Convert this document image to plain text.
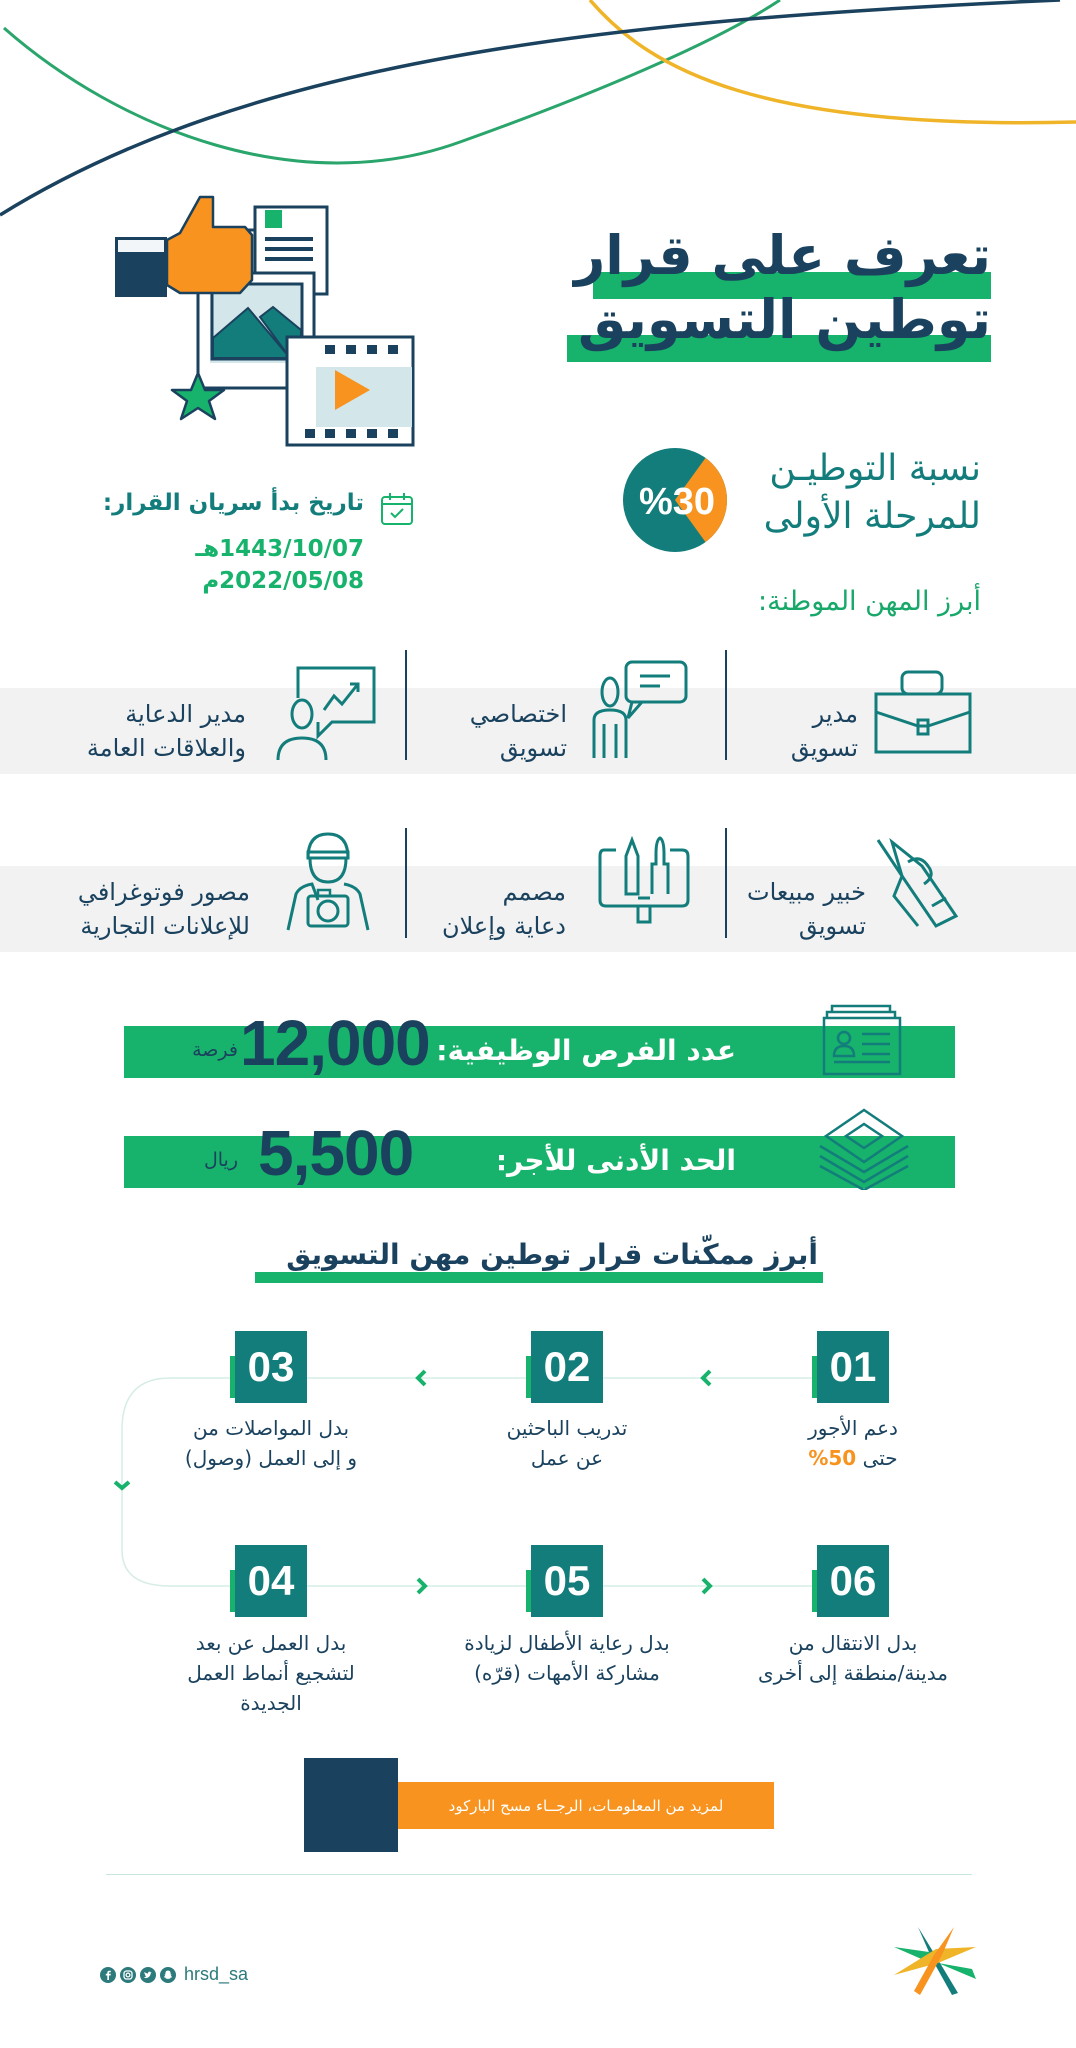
تعرف على قرار
توطين التسويق
%30
نسبة التوطيـن
للمرحلة الأولى
تاريخ بدأ سريان القرار:
1443/10/07هـ
2022/05/08م
أبرز المهن الموطنة:
مدير
تسويق
اختصاصي
تسويق
مدير الدعاية
والعلاقات العامة
خبير مبيعات
تسويق
مصمم
دعاية وإعلان
مصور فوتوغرافي
للإعلانات التجارية
عدد الفرص الوظيفية:
12,000
فرصة
الحد الأدنى للأجر:
5,500
ريال
أبرز ممكّنات قرار توطين مهن التسويق
01
دعم الأجور
حتى 50%
02
تدريب الباحثين
عن عمل
03
بدل المواصلات من
و إلى العمل (وصول)
06
بدل الانتقال من
مدينة/منطقة إلى أخرى
05
بدل رعاية الأطفال لزيادة
مشاركة الأمهات (قرّه)
04
بدل العمل عن بعد
لتشجيع أنماط العمل
الجديدة
لمزيد من المعلومـات، الرجــاء مسح الباركود
hrsd_sa
